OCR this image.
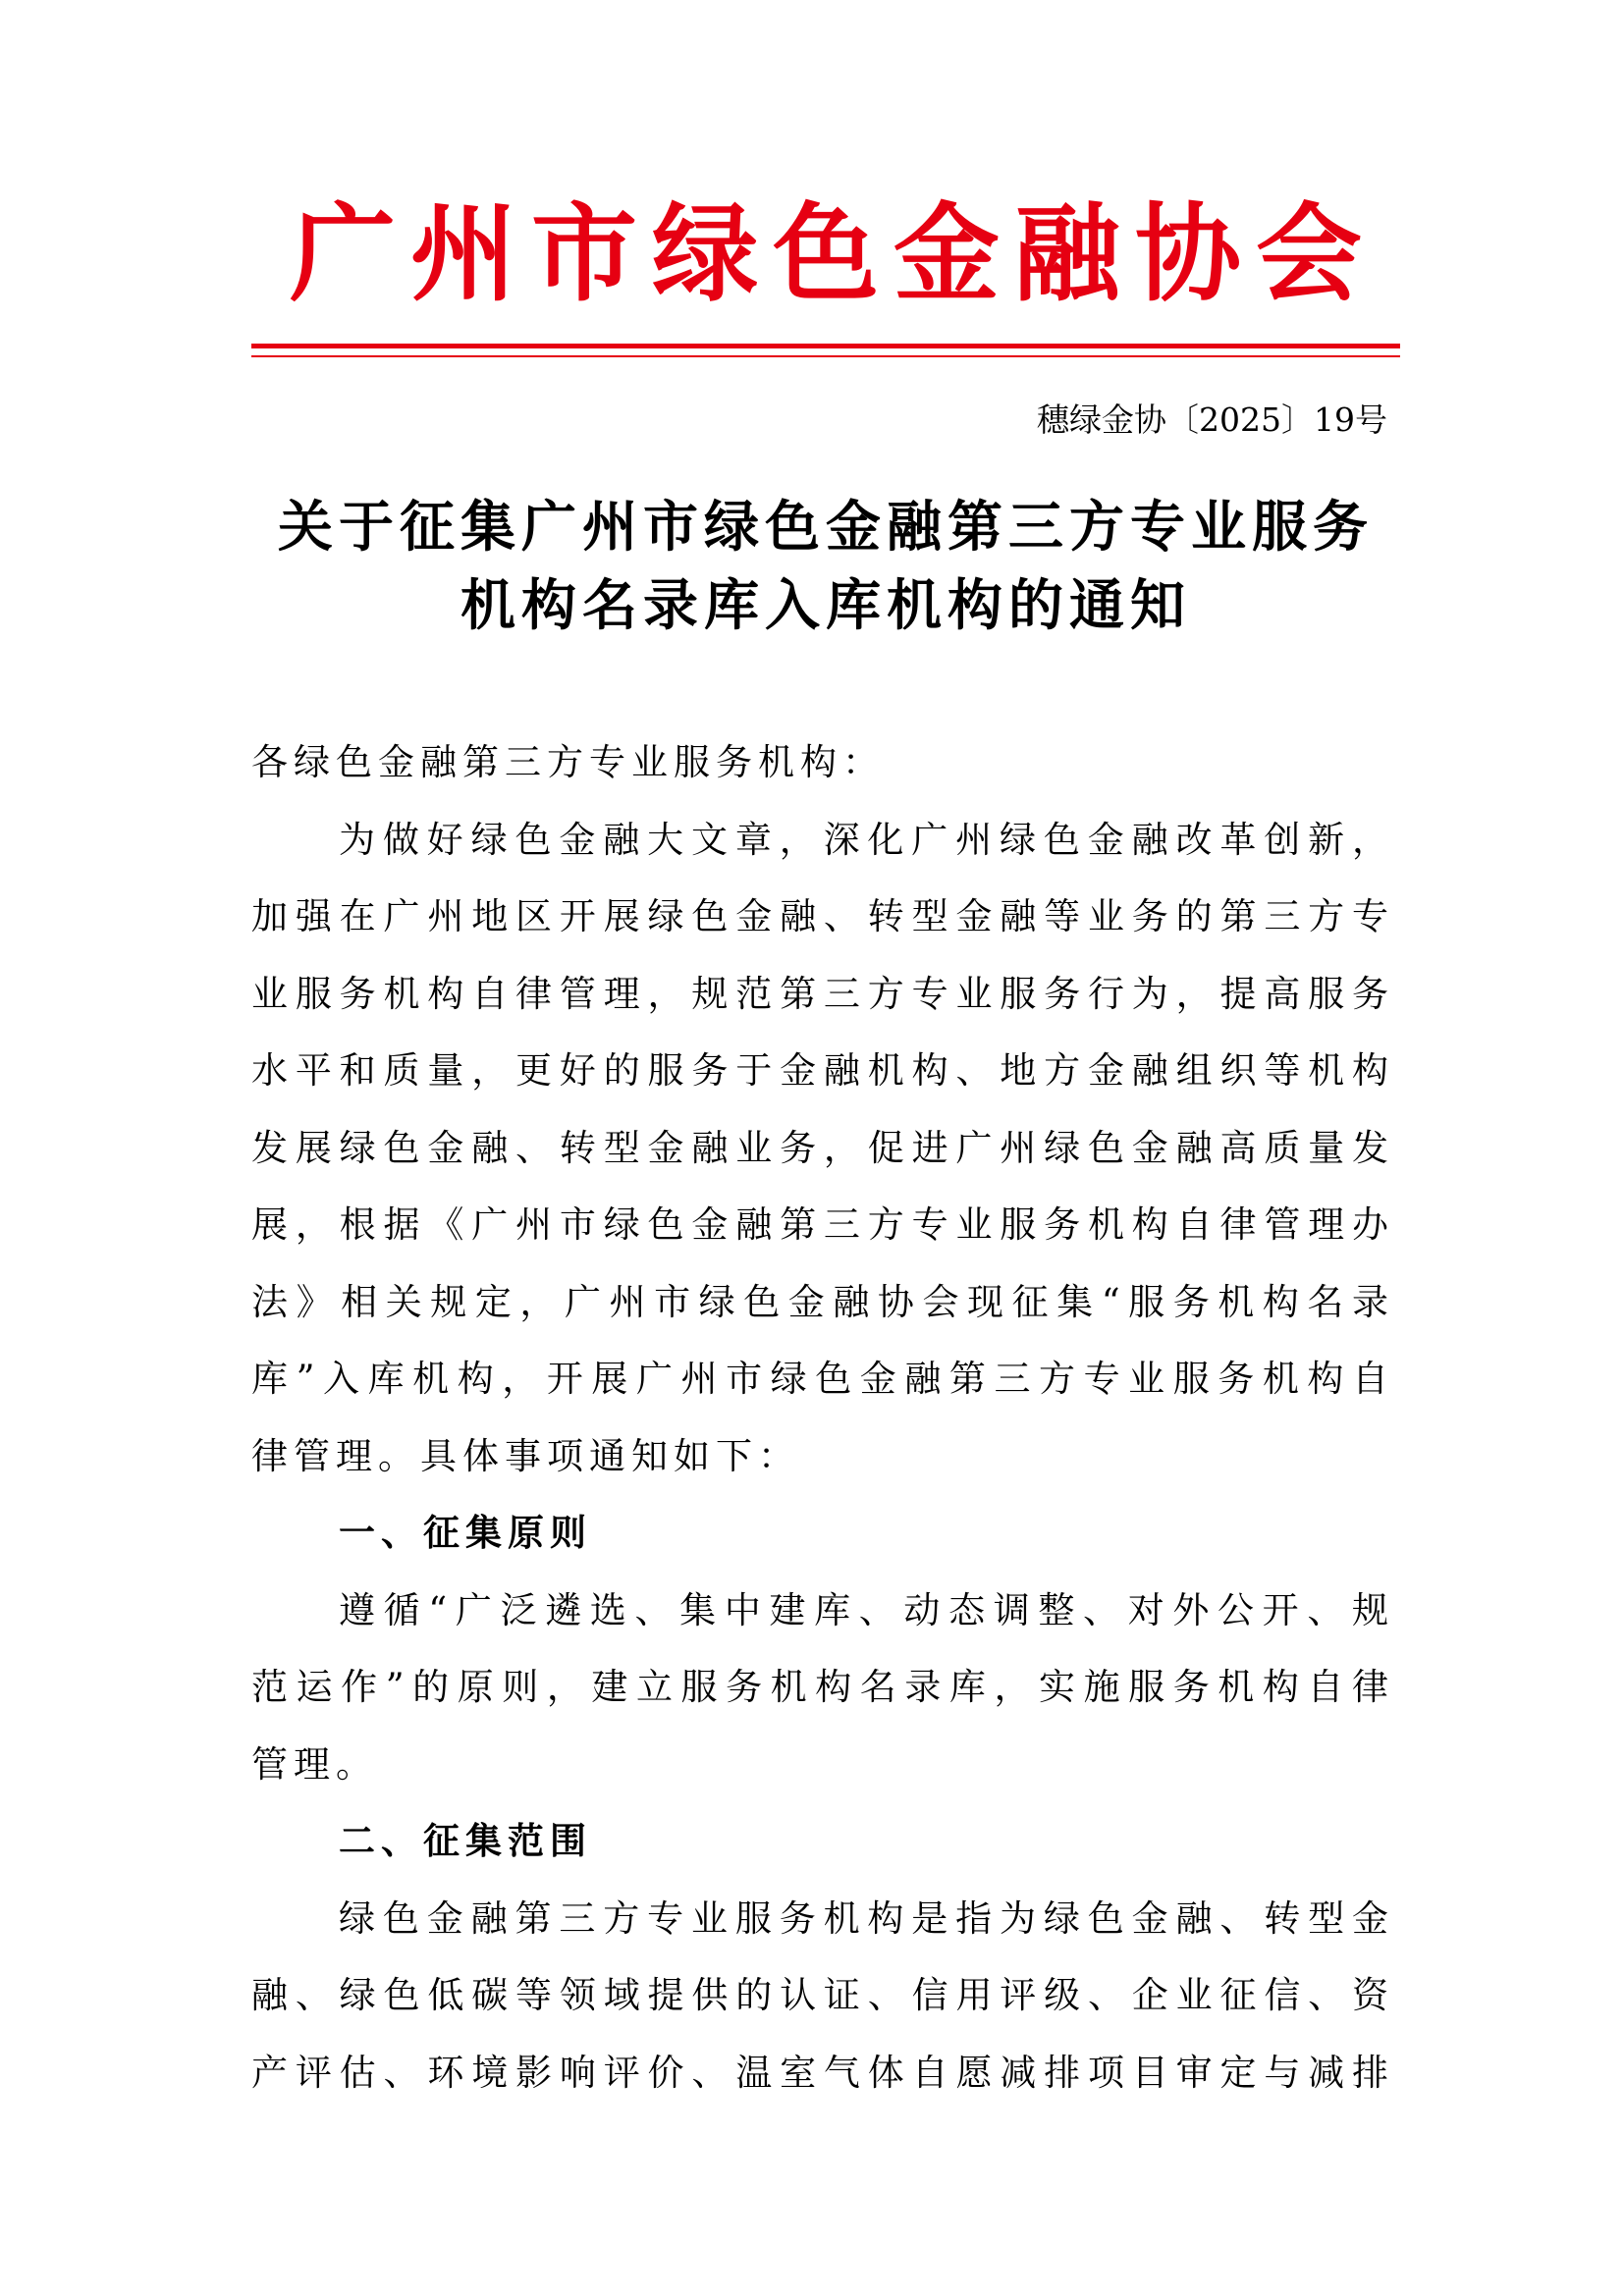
广州市绿色金融协会
穗绿金协〔2025〕19号
关于征集广州市绿色金融第三方专业服务
机构名录库入库机构的通知
各绿色金融第三方专业服务机构：
为做好绿色金融大文章，深化广州绿色金融改革创新，
加强在广州地区开展绿色金融、转型金融等业务的第三方专
业服务机构自律管理，规范第三方专业服务行为，提高服务
水平和质量，更好的服务于金融机构、地方金融组织等机构
发展绿色金融、转型金融业务，促进广州绿色金融高质量发
展，根据《广州市绿色金融第三方专业服务机构自律管理办
法》相关规定，广州市绿色金融协会现征集“服务机构名录
库”入库机构，开展广州市绿色金融第三方专业服务机构自
律管理。具体事项通知如下：
一、征集原则
遵循“广泛遴选、集中建库、动态调整、对外公开、规
范运作”的原则，建立服务机构名录库，实施服务机构自律
管理。
二、征集范围
绿色金融第三方专业服务机构是指为绿色金融、转型金
融、绿色低碳等领域提供的认证、信用评级、企业征信、资
产评估、环境影响评价、温室气体自愿减排项目审定与减排
